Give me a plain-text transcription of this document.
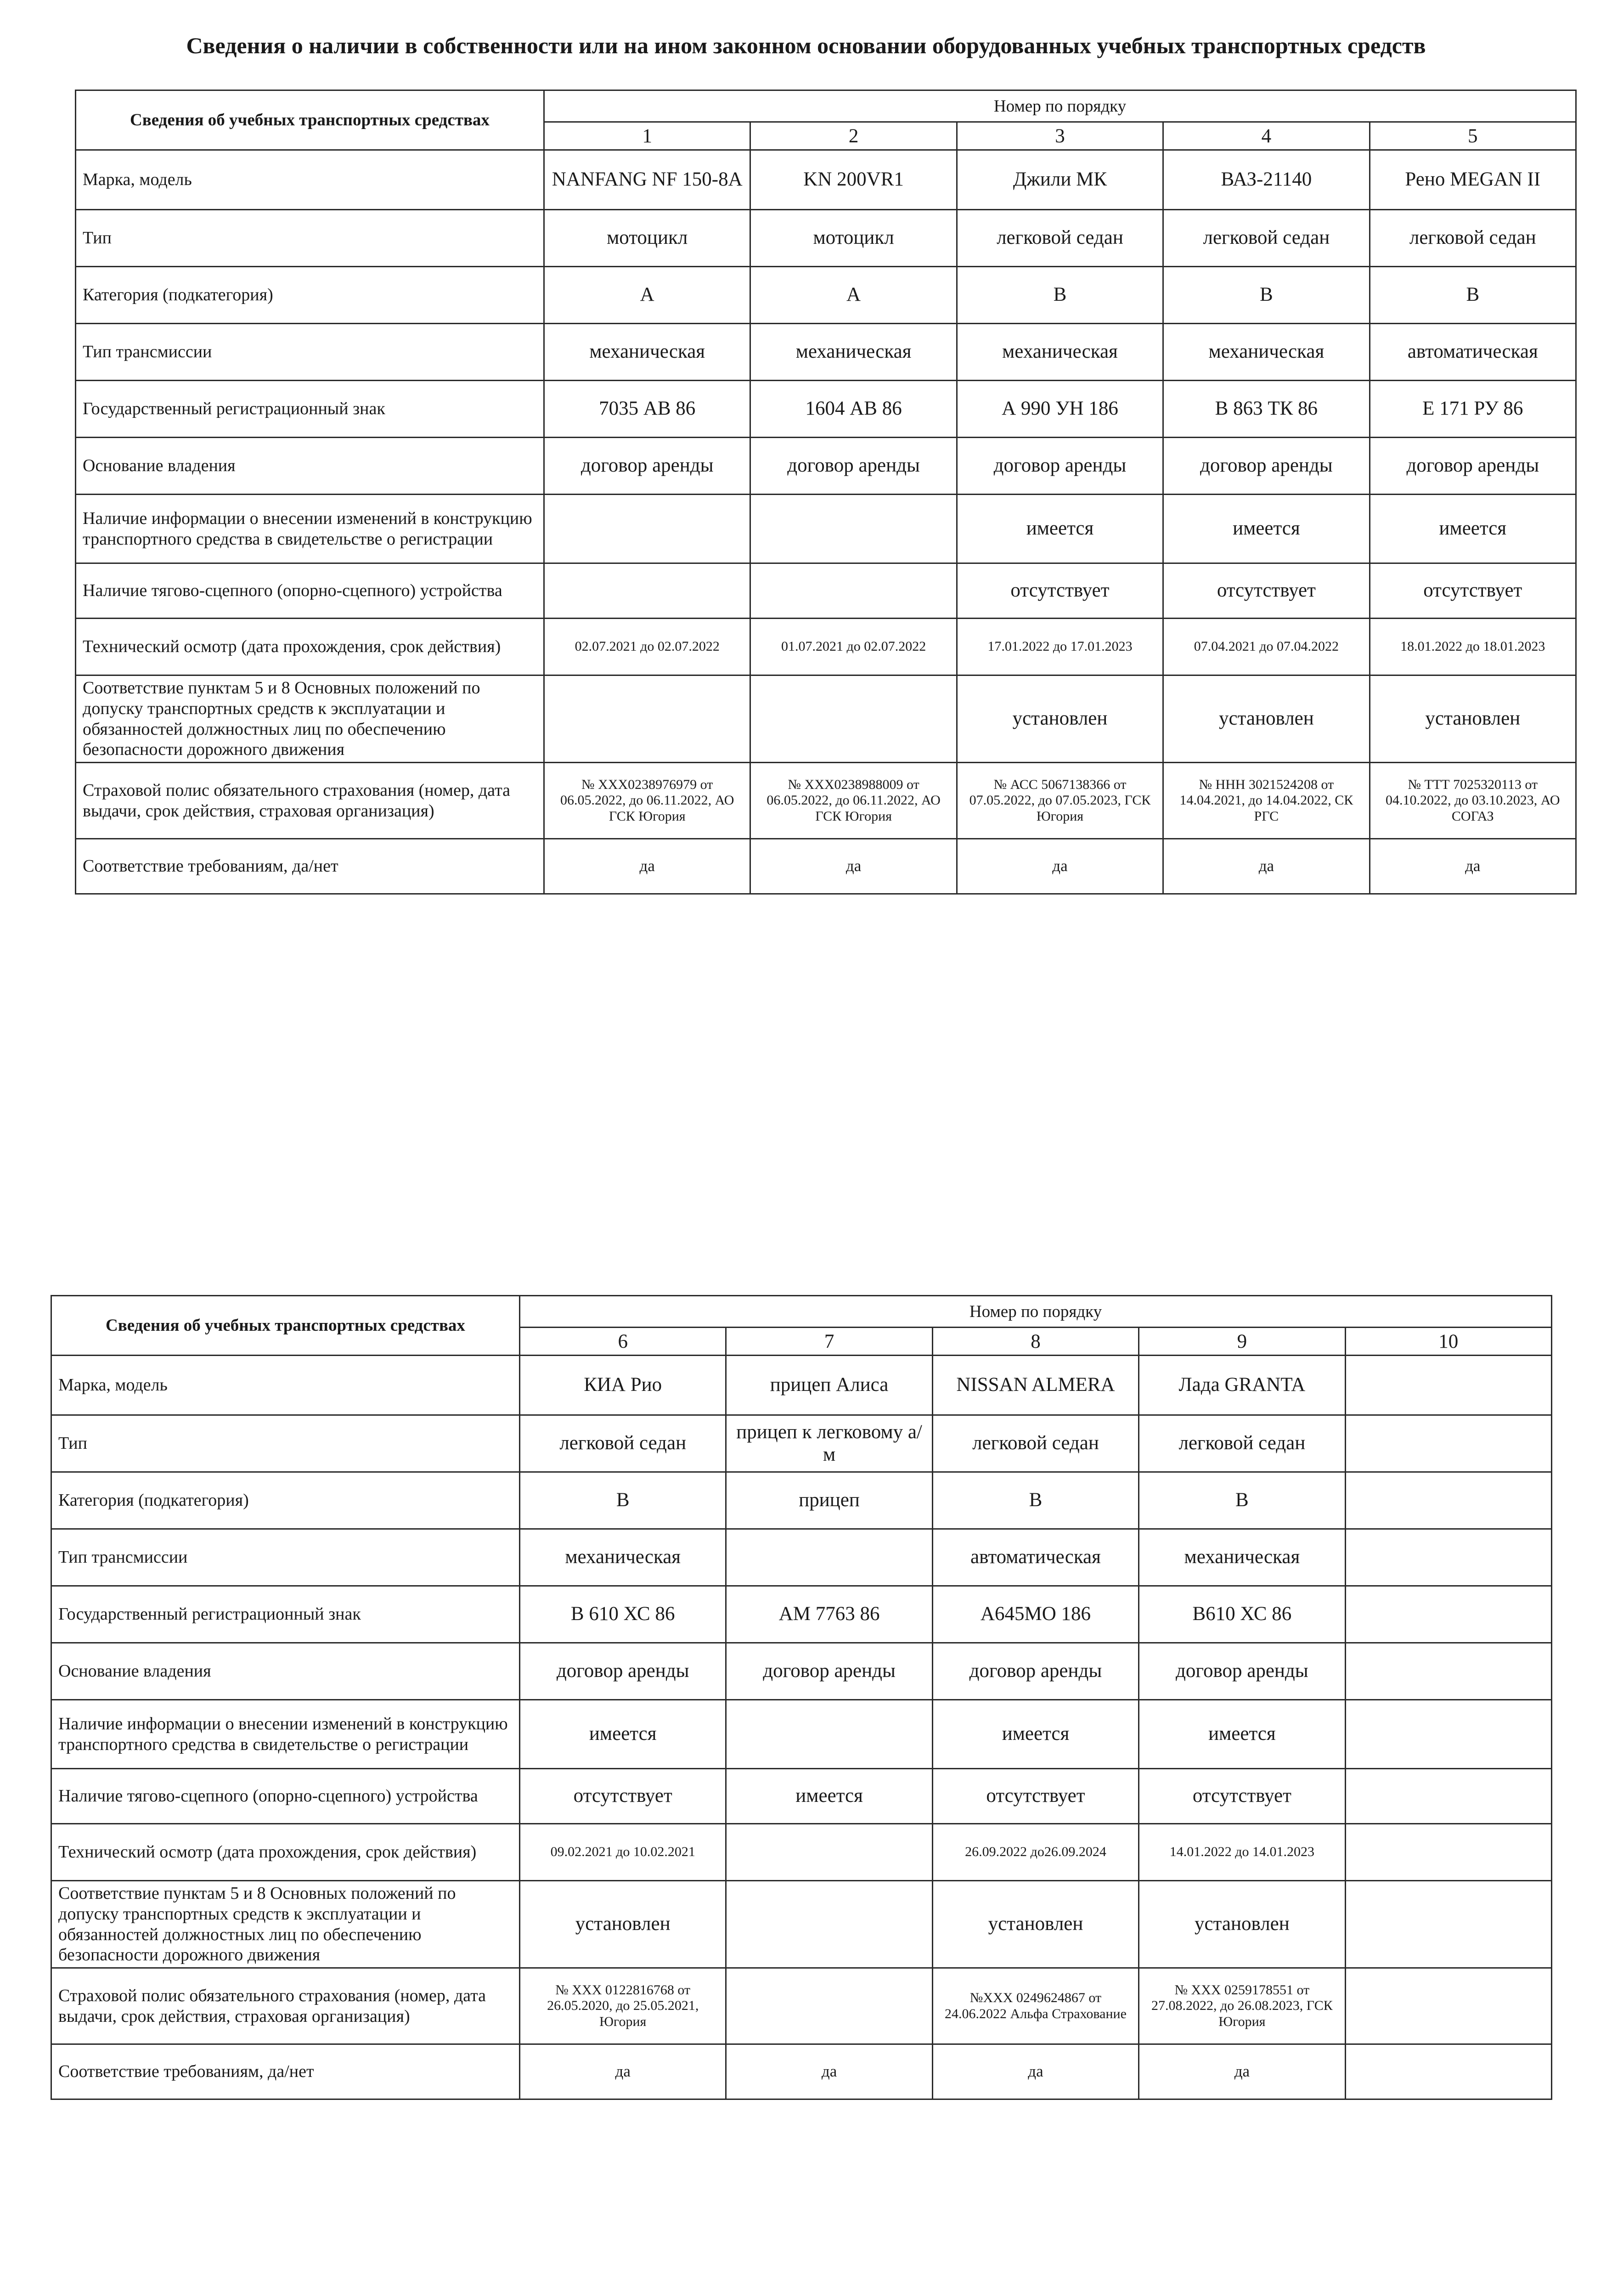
Сведения о наличии в собственности или на ином законном основании оборудованных учебных транспортных средств
Сведения об учебных транспортных средствах	Номер по порядку				
	1	2	3	4	5
Марка, модель	NANFANG NF 150-8A	KN 200VR1	Джили МК	ВАЗ-21140	Рено MEGAN II
Тип	мотоцикл	мотоцикл	легковой седан	легковой седан	легковой седан
Категория (подкатегория)	A	A	B	B	B
Тип трансмиссии	механическая	механическая	механическая	механическая	автоматическая
Государственный регистрационный знак	7035 АВ 86	1604 АВ 86	А 990 УН 186	В 863 ТК 86	Е 171 РУ 86
Основание владения	договор аренды	договор аренды	договор аренды	договор аренды	договор аренды
Наличие информации о внесении изменений в конструкцию транспортного средства в свидетельстве о регистрации			имеется	имеется	имеется
Наличие тягово-сцепного (опорно-сцепного) устройства			отсутствует	отсутствует	отсутствует
Технический осмотр (дата прохождения, срок действия)	02.07.2021 до 02.07.2022	01.07.2021 до 02.07.2022	17.01.2022 до 17.01.2023	07.04.2021 до 07.04.2022	18.01.2022 до 18.01.2023
Соответствие пунктам 5 и 8 Основных положений по допуску транспортных средств к эксплуатации и обязанностей должностных лиц по обеспечению безопасности дорожного движения			установлен	установлен	установлен
Страховой полис обязательного страхования (номер, дата выдачи, срок действия, страховая организация)	№ ХХХ0238976979 от 06.05.2022, до 06.11.2022, АО ГСК Югория	№ ХХХ0238988009 от 06.05.2022, до 06.11.2022, АО ГСК Югория	№ АСС 5067138366 от 07.05.2022, до 07.05.2023, ГСК Югория	№ ННН 3021524208 от 14.04.2021, до 14.04.2022, СК РГС	№ ТТТ 7025320113 от 04.10.2022, до 03.10.2023, АО СОГАЗ
Соответствие требованиям, да/нет	да	да	да	да	да
Сведения об учебных транспортных средствах	Номер по порядку				
	6	7	8	9	10
Марка, модель	КИА Рио	прицеп Алиса	NISSAN ALMERA	Лада GRANTA	
Тип	легковой седан	прицеп к легковому а/м	легковой седан	легковой седан	
Категория (подкатегория)	B	прицеп	B	B	
Тип трансмиссии	механическая		автоматическая	механическая	
Государственный регистрационный знак	В 610 ХС 86	АМ 7763 86	А645МО 186	В610 ХС 86	
Основание владения	договор аренды	договор аренды	договор аренды	договор аренды	
Наличие информации о внесении изменений в конструкцию транспортного средства в свидетельстве о регистрации	имеется		имеется	имеется	
Наличие тягово-сцепного (опорно-сцепного) устройства	отсутствует	имеется	отсутствует	отсутствует	
Технический осмотр (дата прохождения, срок действия)	09.02.2021 до 10.02.2021		26.09.2022 до26.09.2024	14.01.2022 до 14.01.2023	
Соответствие пунктам 5 и 8 Основных положений по допуску транспортных средств к эксплуатации и обязанностей должностных лиц по обеспечению безопасности дорожного движения	установлен		установлен	установлен	
Страховой полис обязательного страхования (номер, дата выдачи, срок действия, страховая организация)	№ ХХХ 0122816768 от 26.05.2020, до 25.05.2021, Югория		№ХХХ 0249624867 от 24.06.2022 Альфа Страхование	№ ХХХ 0259178551 от 27.08.2022, до 26.08.2023, ГСК Югория	
Соответствие требованиям, да/нет	да	да	да	да	
